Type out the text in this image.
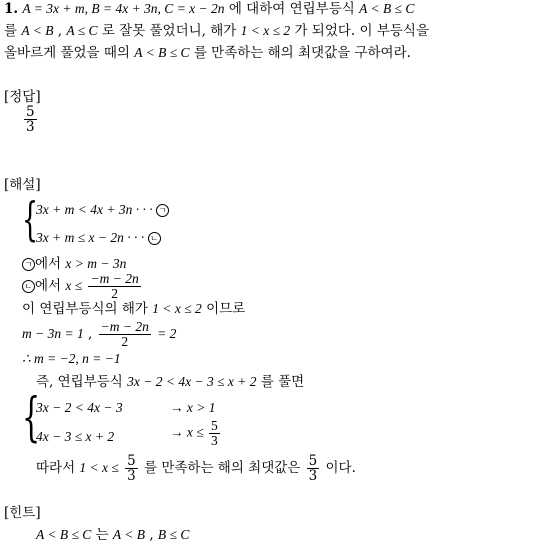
1. A = 3x + m, B = 4x + 3n, C = x − 2n 에 대하여 연립부등식 A < B ≤ C
를 A < B , A ≤ C 로 잘못 풀었더니, 해가 1 < x ≤ 2 가 되었다. 이 부등식을
올바르게 풀었을 때의 A < B ≤ C 를 만족하는 해의 최댓값을 구하여라.
[정답]
$\frac{5}{3}$
[해설]
{
3x + m < 4x + 3n · · · ㄱ
3x + m ≤ x − 2n · · · ㄴ
ㄱ 에서 x > m − 3n
ㄴ 에서 $x \le \frac{-m - 2n}{2}$
이 연립부등식의 해가 1 < x ≤ 2 이므로
m − 3n = 1 , $\frac{-m - 2n}{2} = 2$
∴ m = −2, n = −1
즉, 연립부등식 3x − 2 < 4x − 3 ≤ x + 2 를 풀면
{
3x − 2 < 4x − 3	→ x > 1
4x − 3 ≤ x + 2	→ $x \le \frac{5}{3}$
따라서 $1 < x \le \frac{5}{3}$ 를 만족하는 해의 최댓값은 $\frac{5}{3}$ 이다.
[힌트]
A < B ≤ C 는 A < B , B ≤ C
